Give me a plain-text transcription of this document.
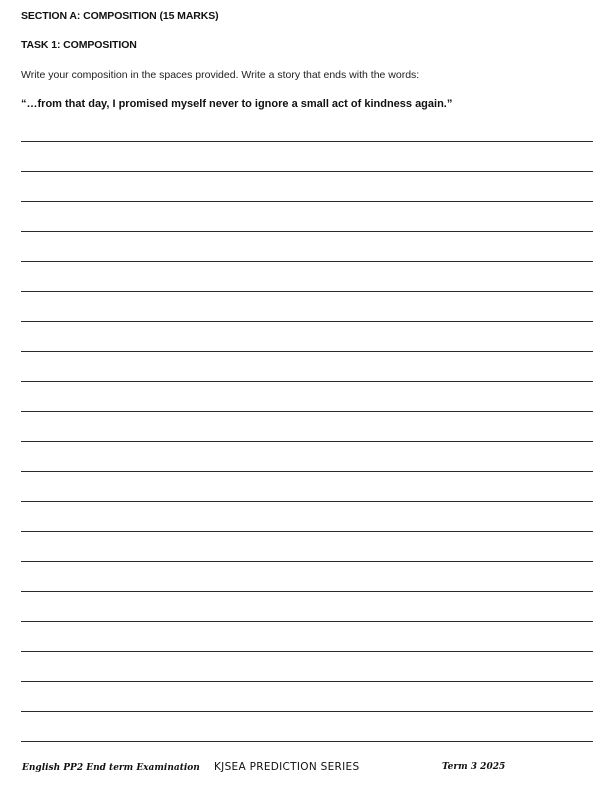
SECTION A: COMPOSITION (15 MARKS)
TASK 1: COMPOSITION
Write your composition in the spaces provided. Write a story that ends with the words:
“…from that day, I promised myself never to ignore a small act of kindness again.”
English PP2 End term Examination KJSEA PREDICTION SERIES	Term 3 2025
